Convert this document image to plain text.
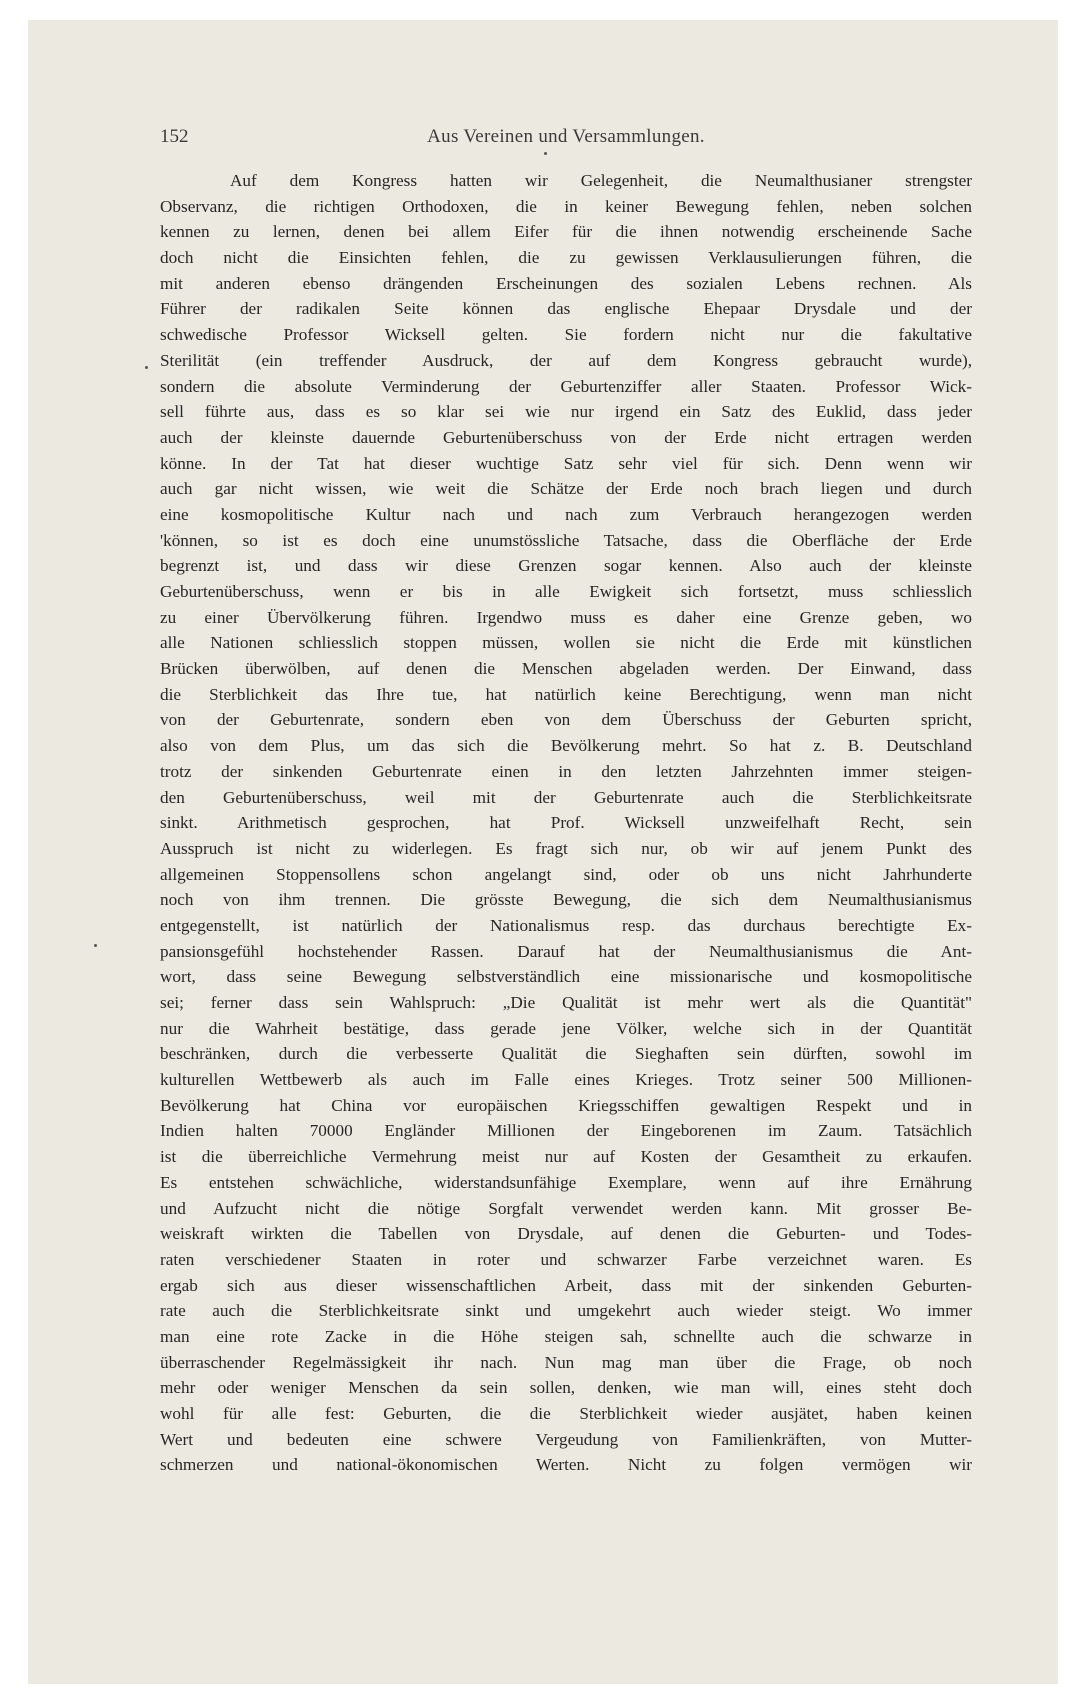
152	Aus Vereinen und Versammlungen.
Auf dem Kongress hatten wir Gelegenheit, die Neumalthusianer strengster
Observanz, die richtigen Orthodoxen, die in keiner Bewegung fehlen, neben solchen
kennen zu lernen, denen bei allem Eifer für die ihnen notwendig erscheinende Sache
doch nicht die Einsichten fehlen, die zu gewissen Verklausulierungen führen, die
mit anderen ebenso drängenden Erscheinungen des sozialen Lebens rechnen. Als
Führer der radikalen Seite können das englische Ehepaar Drysdale und der
schwedische Professor Wicksell gelten. Sie fordern nicht nur die fakultative
Sterilität (ein treffender Ausdruck, der auf dem Kongress gebraucht wurde),
sondern die absolute Verminderung der Geburtenziffer aller Staaten. Professor Wick-
sell führte aus, dass es so klar sei wie nur irgend ein Satz des Euklid, dass jeder
auch der kleinste dauernde Geburtenüberschuss von der Erde nicht ertragen werden
könne. In der Tat hat dieser wuchtige Satz sehr viel für sich. Denn wenn wir
auch gar nicht wissen, wie weit die Schätze der Erde noch brach liegen und durch
eine kosmopolitische Kultur nach und nach zum Verbrauch herangezogen werden
'können, so ist es doch eine unumstössliche Tatsache, dass die Oberfläche der Erde
begrenzt ist, und dass wir diese Grenzen sogar kennen. Also auch der kleinste
Geburtenüberschuss, wenn er bis in alle Ewigkeit sich fortsetzt, muss schliesslich
zu einer Übervölkerung führen. Irgendwo muss es daher eine Grenze geben, wo
alle Nationen schliesslich stoppen müssen, wollen sie nicht die Erde mit künstlichen
Brücken überwölben, auf denen die Menschen abgeladen werden. Der Einwand, dass
die Sterblichkeit das Ihre tue, hat natürlich keine Berechtigung, wenn man nicht
von der Geburtenrate, sondern eben von dem Überschuss der Geburten spricht,
also von dem Plus, um das sich die Bevölkerung mehrt. So hat z. B. Deutschland
trotz der sinkenden Geburtenrate einen in den letzten Jahrzehnten immer steigen-
den Geburtenüberschuss, weil mit der Geburtenrate auch die Sterblichkeitsrate
sinkt. Arithmetisch gesprochen, hat Prof. Wicksell unzweifelhaft Recht, sein
Ausspruch ist nicht zu widerlegen. Es fragt sich nur, ob wir auf jenem Punkt des
allgemeinen Stoppensollens schon angelangt sind, oder ob uns nicht Jahrhunderte
noch von ihm trennen. Die grösste Bewegung, die sich dem Neumalthusianismus
entgegenstellt, ist natürlich der Nationalismus resp. das durchaus berechtigte Ex-
pansionsgefühl hochstehender Rassen. Darauf hat der Neumalthusianismus die Ant-
wort, dass seine Bewegung selbstverständlich eine missionarische und kosmopolitische
sei; ferner dass sein Wahlspruch: „Die Qualität ist mehr wert als die Quantität"
nur die Wahrheit bestätige, dass gerade jene Völker, welche sich in der Quantität
beschränken, durch die verbesserte Qualität die Sieghaften sein dürften, sowohl im
kulturellen Wettbewerb als auch im Falle eines Krieges. Trotz seiner 500 Millionen-
Bevölkerung hat China vor europäischen Kriegsschiffen gewaltigen Respekt und in
Indien halten 70000 Engländer Millionen der Eingeborenen im Zaum. Tatsächlich
ist die überreichliche Vermehrung meist nur auf Kosten der Gesamtheit zu erkaufen.
Es entstehen schwächliche, widerstandsunfähige Exemplare, wenn auf ihre Ernährung
und Aufzucht nicht die nötige Sorgfalt verwendet werden kann. Mit grosser Be-
weiskraft wirkten die Tabellen von Drysdale, auf denen die Geburten- und Todes-
raten verschiedener Staaten in roter und schwarzer Farbe verzeichnet waren. Es
ergab sich aus dieser wissenschaftlichen Arbeit, dass mit der sinkenden Geburten-
rate auch die Sterblichkeitsrate sinkt und umgekehrt auch wieder steigt. Wo immer
man eine rote Zacke in die Höhe steigen sah, schnellte auch die schwarze in
überraschender Regelmässigkeit ihr nach. Nun mag man über die Frage, ob noch
mehr oder weniger Menschen da sein sollen, denken, wie man will, eines steht doch
wohl für alle fest: Geburten, die die Sterblichkeit wieder ausjätet, haben keinen
Wert und bedeuten eine schwere Vergeudung von Familienkräften, von Mutter-
schmerzen und national-ökonomischen Werten. Nicht zu folgen vermögen wir
